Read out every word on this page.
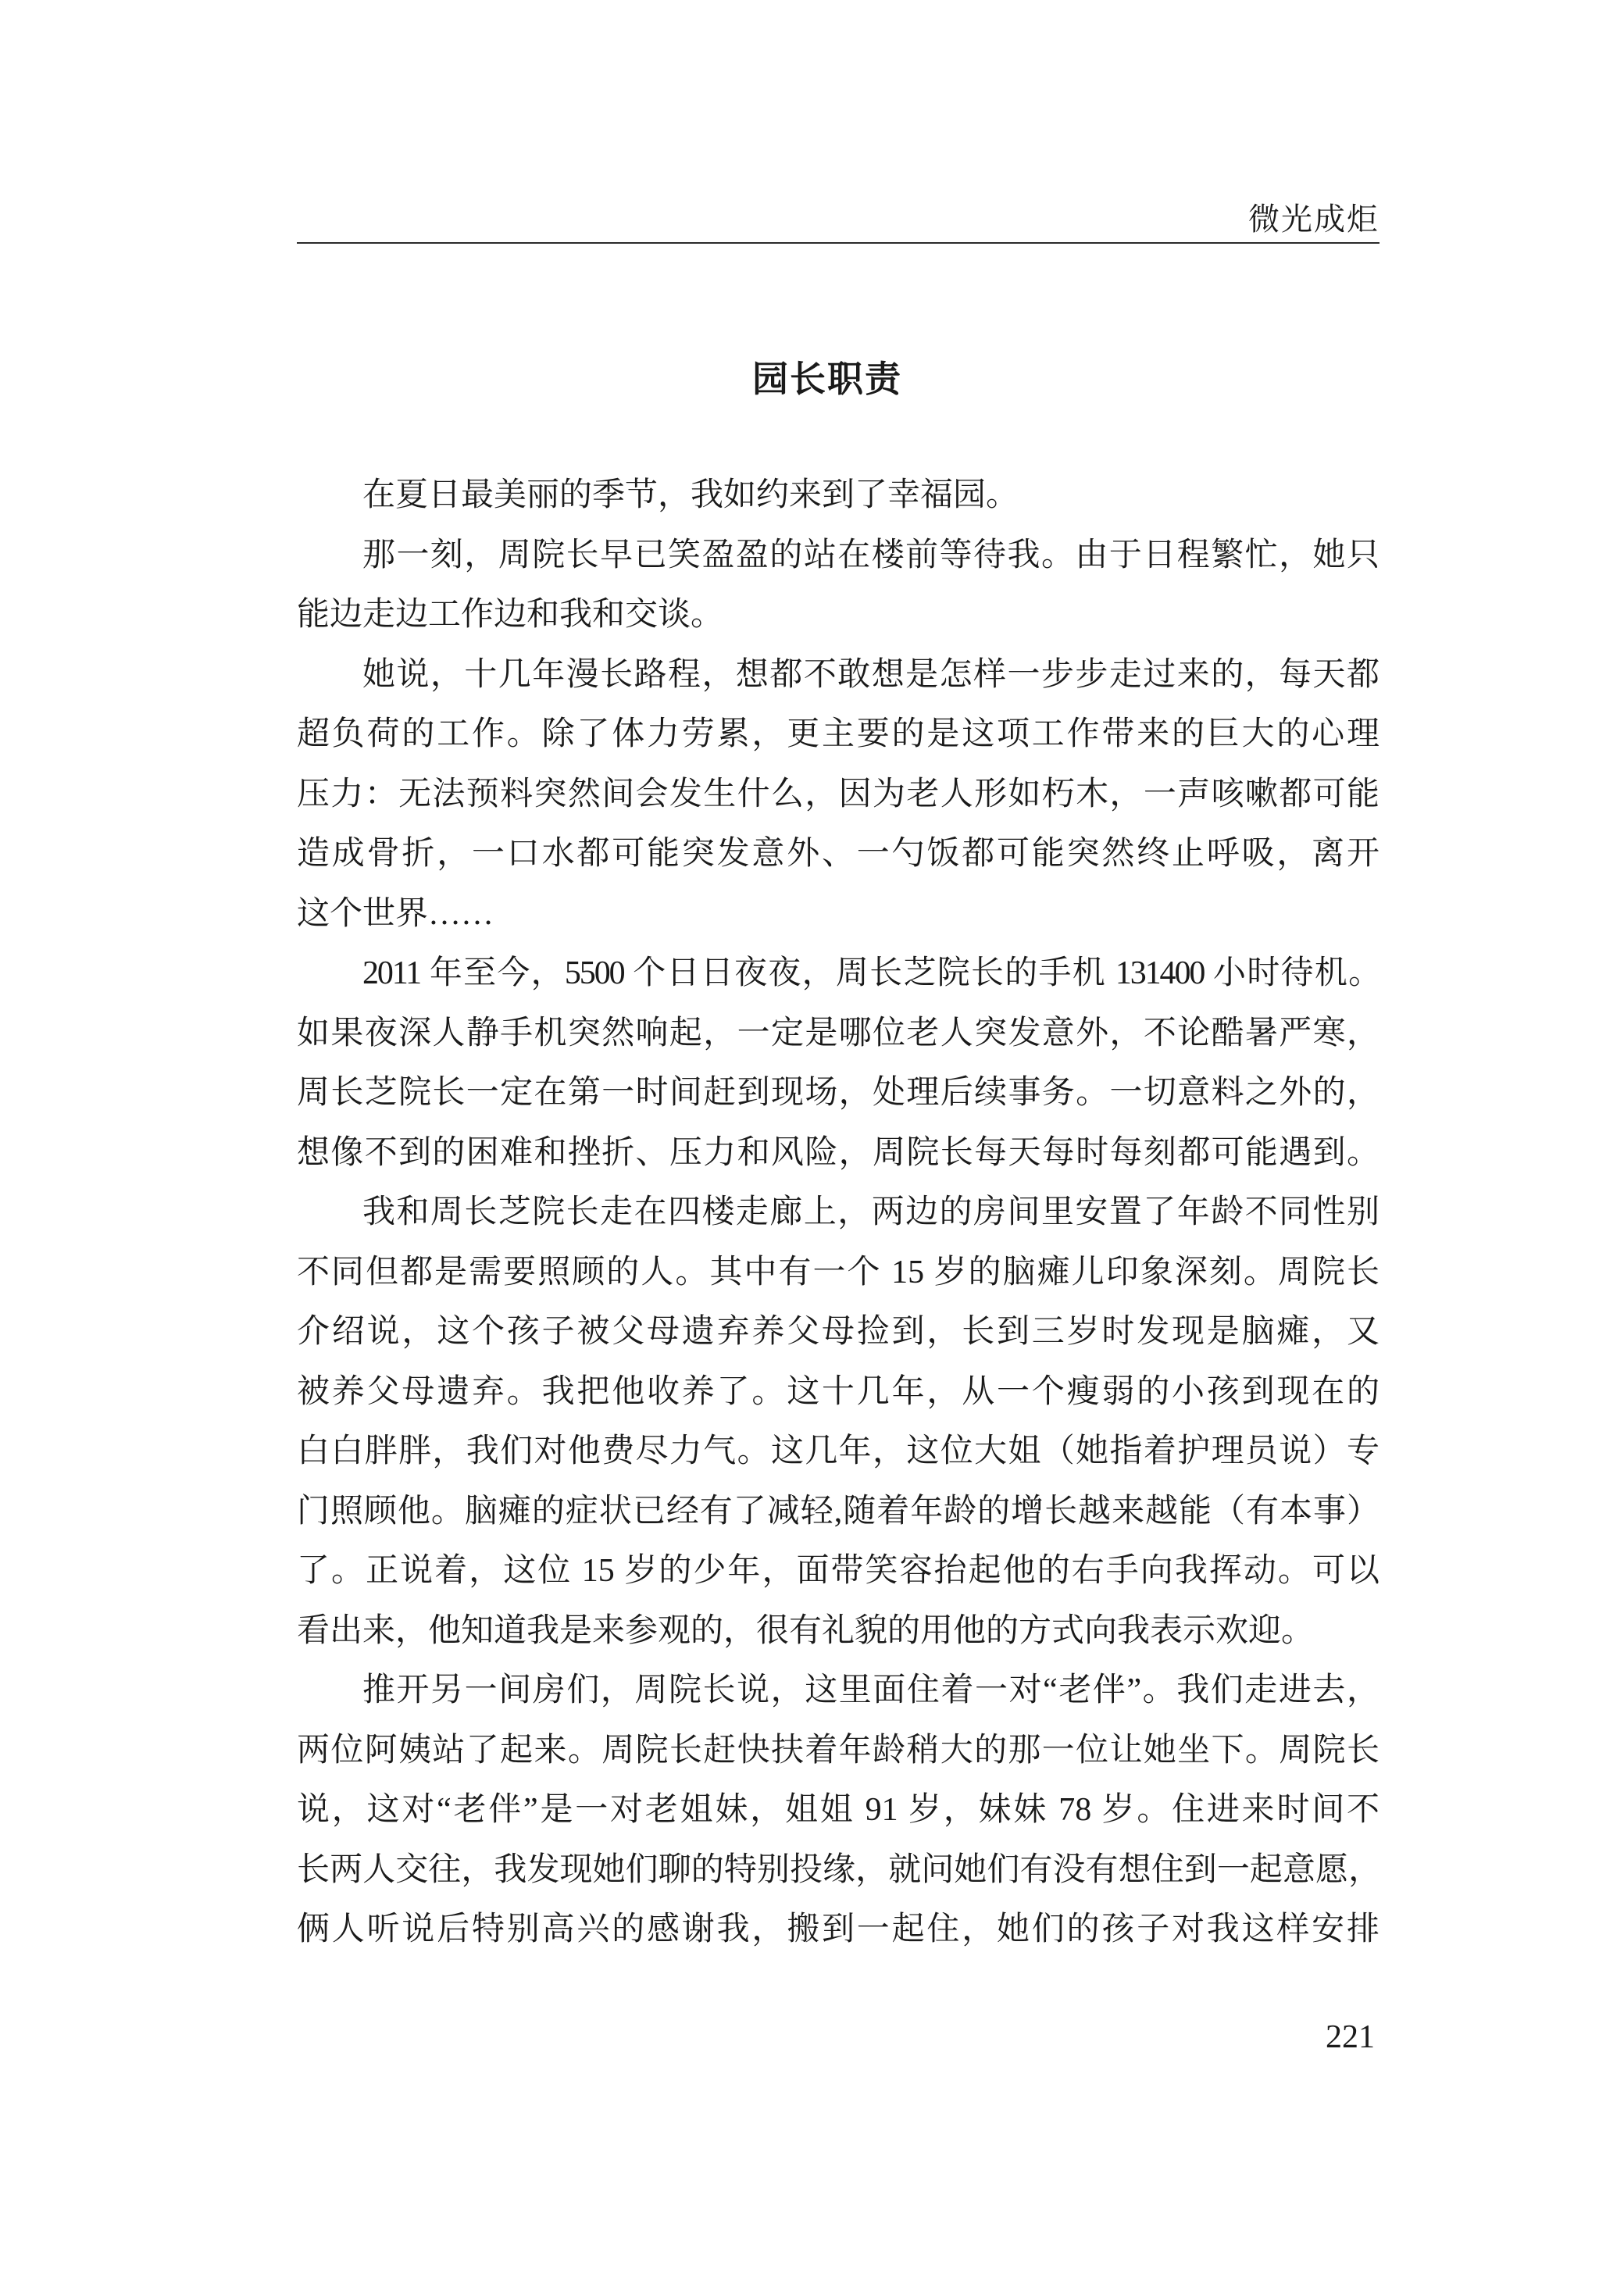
微光成炬
园长职责
在夏日最美丽的季节，我如约来到了幸福园。
那一刻，周院长早已笑盈盈的站在楼前等待我。由于日程繁忙，她只
能边走边工作边和我和交谈。
她说，十几年漫长路程，想都不敢想是怎样一步步走过来的，每天都
超负荷的工作。除了体力劳累，更主要的是这项工作带来的巨大的心理
压力：无法预料突然间会发生什么，因为老人形如朽木，一声咳嗽都可能
造成骨折，一口水都可能突发意外、一勺饭都可能突然终止呼吸，离开
这个世界……
2011 年至今，5500 个日日夜夜，周长芝院长的手机 131400 小时待机。
如果夜深人静手机突然响起，一定是哪位老人突发意外，不论酷暑严寒，
周长芝院长一定在第一时间赶到现场，处理后续事务。一切意料之外的，
想像不到的困难和挫折、压力和风险，周院长每天每时每刻都可能遇到。
我和周长芝院长走在四楼走廊上，两边的房间里安置了年龄不同性别
不同但都是需要照顾的人。其中有一个 15 岁的脑瘫儿印象深刻。周院长
介绍说，这个孩子被父母遗弃养父母捡到，长到三岁时发现是脑瘫，又
被养父母遗弃。我把他收养了。这十几年，从一个瘦弱的小孩到现在的
白白胖胖，我们对他费尽力气。这几年，这位大姐（她指着护理员说）专
门照顾他。脑瘫的症状已经有了减轻,随着年龄的增长越来越能（有本事）
了。正说着，这位 15 岁的少年，面带笑容抬起他的右手向我挥动。可以
看出来，他知道我是来参观的，很有礼貌的用他的方式向我表示欢迎。
推开另一间房们，周院长说，这里面住着一对“老伴”。我们走进去，
两位阿姨站了起来。周院长赶快扶着年龄稍大的那一位让她坐下。周院长
说，这对“老伴”是一对老姐妹，姐姐 91 岁，妹妹 78 岁。住进来时间不
长两人交往，我发现她们聊的特别投缘，就问她们有没有想住到一起意愿，
俩人听说后特别高兴的感谢我，搬到一起住，她们的孩子对我这样安排
221
